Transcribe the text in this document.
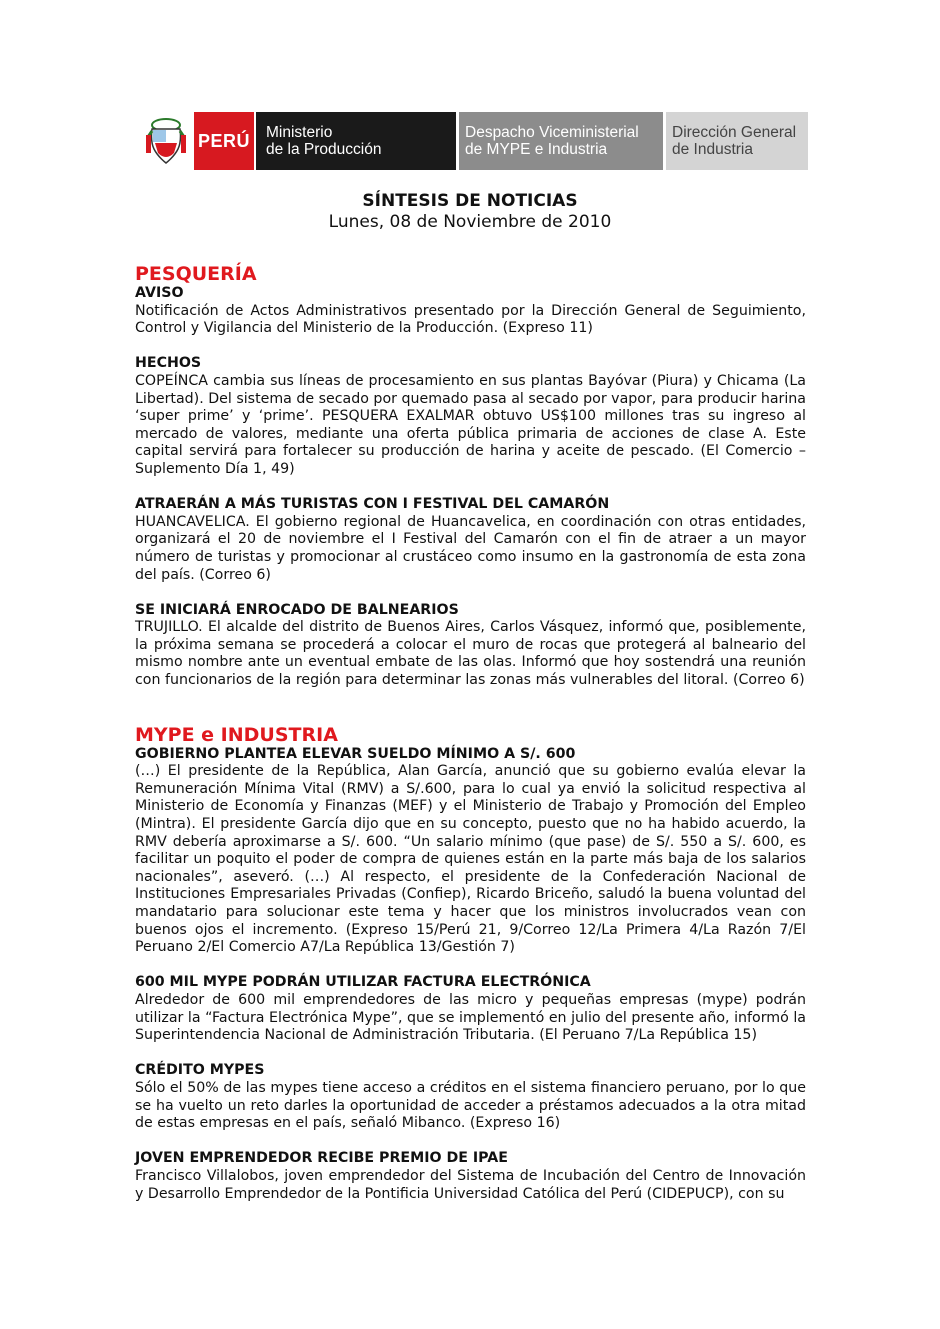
PERÚ Ministerio
de la Producción
Despacho Viceministerial
de MYPE e Industria
Dirección General
de Industria
SÍNTESIS DE NOTICIAS
Lunes, 08 de Noviembre de 2010
PESQUERÍA

AVISO

Notificación de Actos Administrativos presentado por la Dirección General de Seguimiento, Control y Vigilancia del Ministerio de la Producción. (Expreso 11)

HECHOS

COPEÍNCA cambia sus líneas de procesamiento en sus plantas Bayóvar (Piura) y Chicama (La Libertad). Del sistema de secado por quemado pasa al secado por vapor, para producir harina ‘super prime’ y ‘prime’. PESQUERA EXALMAR obtuvo US$100 millones tras su ingreso al mercado de valores, mediante una oferta pública primaria de acciones de clase A. Este capital servirá para fortalecer su producción de harina y aceite de pescado. (El Comercio – Suplemento Día 1, 49)

ATRAERÁN A MÁS TURISTAS CON I FESTIVAL DEL CAMARÓN

HUANCAVELICA. El gobierno regional de Huancavelica, en coordinación con otras entidades, organizará el 20 de noviembre el I Festival del Camarón con el fin de atraer a un mayor número de turistas y promocionar al crustáceo como insumo en la gastronomía de esta zona del país. (Correo 6)

SE INICIARÁ ENROCADO DE BALNEARIOS

TRUJILLO. El alcalde del distrito de Buenos Aires, Carlos Vásquez, informó que, posiblemente, la próxima semana se procederá a colocar el muro de rocas que protegerá al balneario del mismo nombre ante un eventual embate de las olas. Informó que hoy sostendrá una reunión con funcionarios de la región para determinar las zonas más vulnerables del litoral. (Correo 6)

MYPE e INDUSTRIA

GOBIERNO PLANTEA ELEVAR SUELDO MÍNIMO A S/. 600

(…) El presidente de la República, Alan García, anunció que su gobierno evalúa elevar la Remuneración Mínima Vital (RMV) a S/.600, para lo cual ya envió la solicitud respectiva al Ministerio de Economía y Finanzas (MEF) y el Ministerio de Trabajo y Promoción del Empleo (Mintra). El presidente García dijo que en su concepto, puesto que no ha habido acuerdo, la RMV debería aproximarse a S/. 600. “Un salario mínimo (que pase) de S/. 550 a S/. 600, es facilitar un poquito el poder de compra de quienes están en la parte más baja de los salarios nacionales”, aseveró. (…) Al respecto, el presidente de la Confederación Nacional de Instituciones Empresariales Privadas (Confiep), Ricardo Briceño, saludó la buena voluntad del mandatario para solucionar este tema y hacer que los ministros involucrados vean con buenos ojos el incremento. (Expreso 15/Perú 21, 9/Correo 12/La Primera 4/La Razón 7/El Peruano 2/El Comercio A7/La República 13/Gestión 7)

600 MIL MYPE PODRÁN UTILIZAR FACTURA ELECTRÓNICA

Alrededor de 600 mil emprendedores de las micro y pequeñas empresas (mype) podrán utilizar la “Factura Electrónica Mype”, que se implementó en julio del presente año, informó la Superintendencia Nacional de Administración Tributaria. (El Peruano 7/La República 15)

CRÉDITO MYPES

Sólo el 50% de las mypes tiene acceso a créditos en el sistema financiero peruano, por lo que se ha vuelto un reto darles la oportunidad de acceder a préstamos adecuados a la otra mitad de estas empresas en el país, señaló Mibanco. (Expreso 16)

JOVEN EMPRENDEDOR RECIBE PREMIO DE IPAE

Francisco Villalobos, joven emprendedor del Sistema de Incubación del Centro de Innovación y Desarrollo Emprendedor de la Pontificia Universidad Católica del Perú (CIDEPUCP), con su
